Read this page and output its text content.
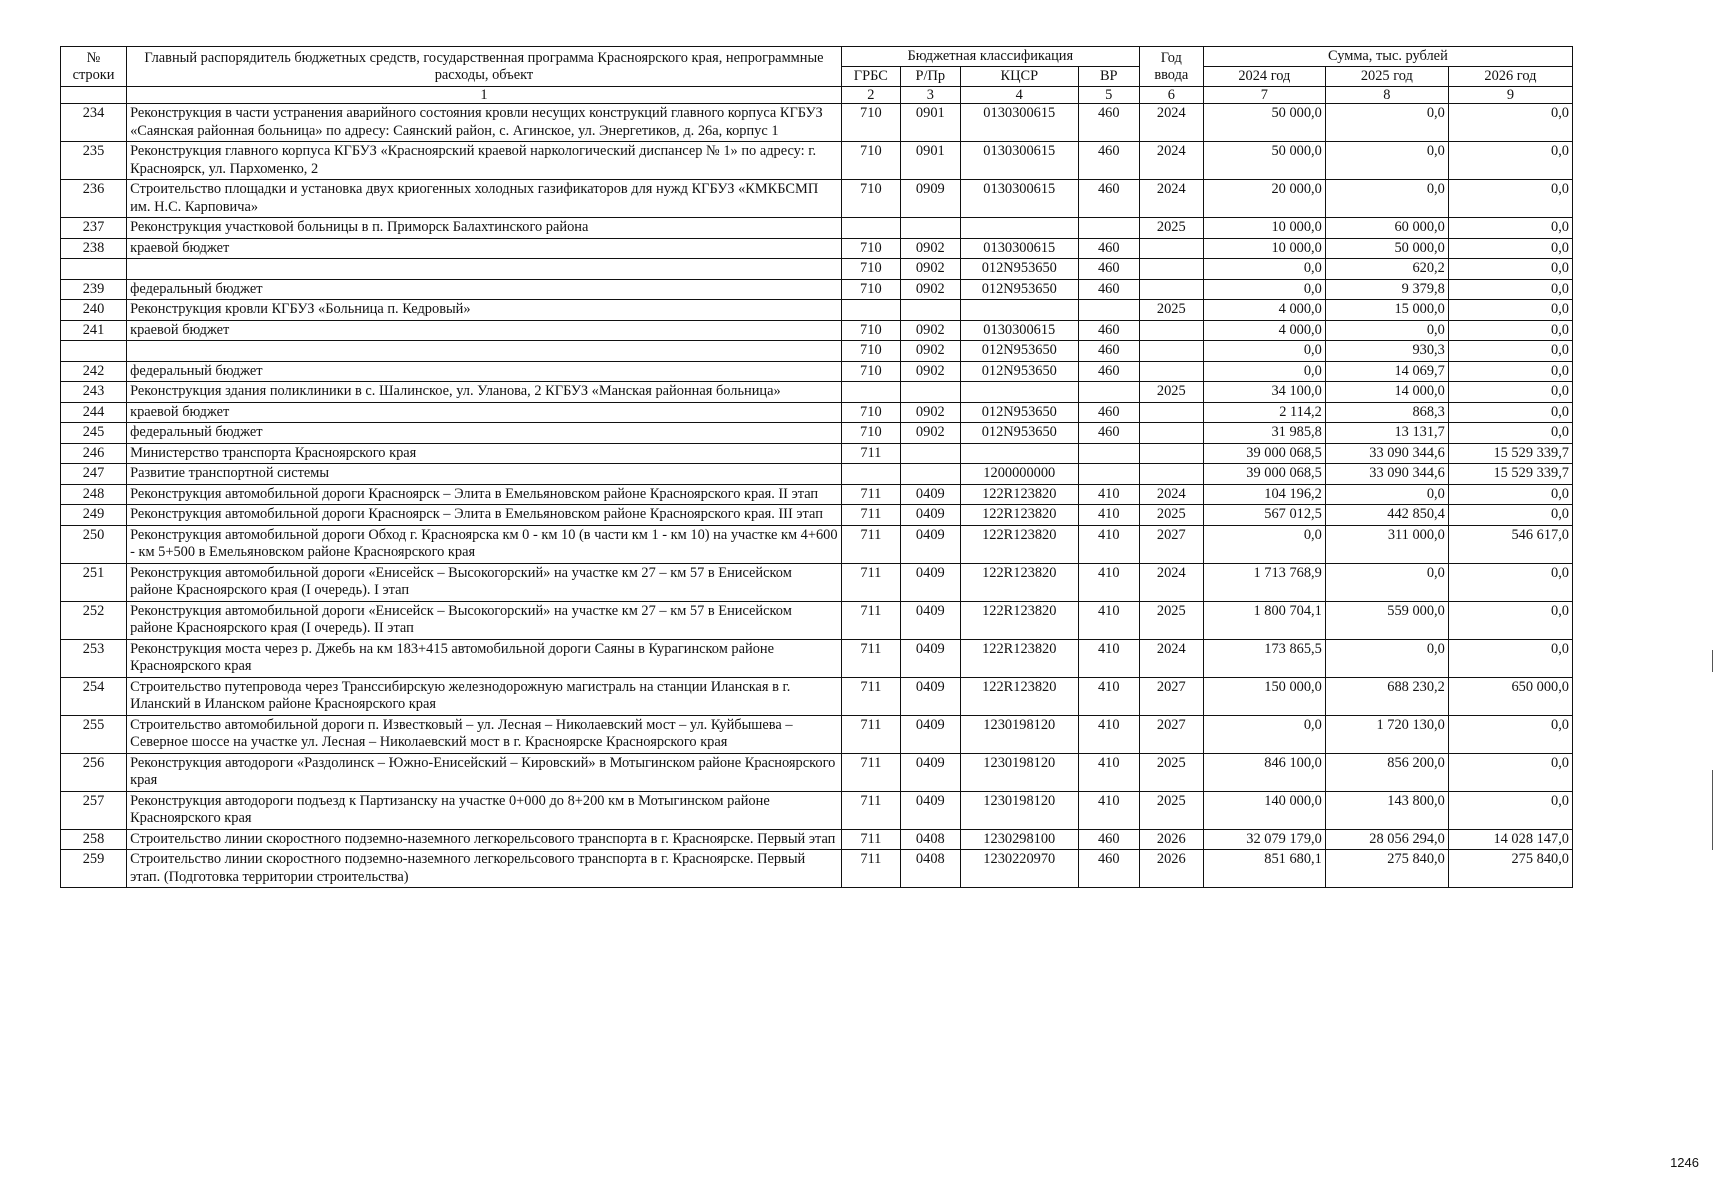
№ строки	Главный распорядитель бюджетных средств, государственная программа Красноярского края, непрограммные расходы, объект	Бюджетная классификация				Год ввода	Сумма, тыс. рублей		
		ГРБС	Р/Пр	КЦСР	ВР		2024 год	2025 год	2026 год
	1	2	3	4	5	6	7	8	9
234	Реконструкция в части устранения аварийного состояния кровли несущих конструкций главного корпуса КГБУЗ «Саянская районная больница» по адресу: Саянский район, с. Агинское, ул. Энергетиков, д. 26а, корпус 1	710	0901	0130300615	460	2024	50 000,0	0,0	0,0
235	Реконструкция главного корпуса КГБУЗ «Красноярский краевой наркологический диспансер № 1» по адресу: г. Красноярск, ул. Пархоменко, 2	710	0901	0130300615	460	2024	50 000,0	0,0	0,0
236	Строительство площадки и установка двух криогенных холодных газификаторов для нужд КГБУЗ «КМКБСМП им. Н.С. Карповича»	710	0909	0130300615	460	2024	20 000,0	0,0	0,0
237	Реконструкция участковой больницы в п. Приморск Балахтинского района					2025	10 000,0	60 000,0	0,0
238	краевой бюджет	710	0902	0130300615	460		10 000,0	50 000,0	0,0
		710	0902	012N953650	460		0,0	620,2	0,0
239	федеральный бюджет	710	0902	012N953650	460		0,0	9 379,8	0,0
240	Реконструкция кровли КГБУЗ «Больница п. Кедровый»					2025	4 000,0	15 000,0	0,0
241	краевой бюджет	710	0902	0130300615	460		4 000,0	0,0	0,0
		710	0902	012N953650	460		0,0	930,3	0,0
242	федеральный бюджет	710	0902	012N953650	460		0,0	14 069,7	0,0
243	Реконструкция здания поликлиники в с. Шалинское, ул. Уланова, 2 КГБУЗ «Манская районная больница»					2025	34 100,0	14 000,0	0,0
244	краевой бюджет	710	0902	012N953650	460		2 114,2	868,3	0,0
245	федеральный бюджет	710	0902	012N953650	460		31 985,8	13 131,7	0,0
246	Министерство транспорта Красноярского края	711					39 000 068,5	33 090 344,6	15 529 339,7
247	Развитие транспортной системы			1200000000			39 000 068,5	33 090 344,6	15 529 339,7
248	Реконструкция автомобильной дороги Красноярск – Элита в Емельяновском районе Красноярского края. II этап	711	0409	122R123820	410	2024	104 196,2	0,0	0,0
249	Реконструкция автомобильной дороги Красноярск – Элита в Емельяновском районе Красноярского края. III этап	711	0409	122R123820	410	2025	567 012,5	442 850,4	0,0
250	Реконструкция автомобильной дороги Обход г. Красноярска км 0 - км 10 (в части км 1 - км 10) на участке км 4+600 - км 5+500 в Емельяновском районе Красноярского края	711	0409	122R123820	410	2027	0,0	311 000,0	546 617,0
251	Реконструкция автомобильной дороги «Енисейск – Высокогорский» на участке км 27 – км 57 в Енисейском районе Красноярского края (I очередь). I этап	711	0409	122R123820	410	2024	1 713 768,9	0,0	0,0
252	Реконструкция автомобильной дороги «Енисейск – Высокогорский» на участке км 27 – км 57 в Енисейском районе Красноярского края (I очередь). II этап	711	0409	122R123820	410	2025	1 800 704,1	559 000,0	0,0
253	Реконструкция моста через р. Джебь на км 183+415 автомобильной дороги Саяны в Курагинском районе Красноярского края	711	0409	122R123820	410	2024	173 865,5	0,0	0,0
254	Строительство путепровода через Транссибирскую железнодорожную магистраль на станции Иланская в г. Иланский в Иланском районе Красноярского края	711	0409	122R123820	410	2027	150 000,0	688 230,2	650 000,0
255	Строительство автомобильной дороги п. Известковый – ул. Лесная – Николаевский мост – ул. Куйбышева – Северное шоссе на участке ул. Лесная – Николаевский мост в г. Красноярске Красноярского края	711	0409	1230198120	410	2027	0,0	1 720 130,0	0,0
256	Реконструкция автодороги «Раздолинск – Южно-Енисейский – Кировский» в Мотыгинском районе Красноярского края	711	0409	1230198120	410	2025	846 100,0	856 200,0	0,0
257	Реконструкция автодороги подъезд к Партизанску на участке 0+000 до 8+200 км в Мотыгинском районе Красноярского края	711	0409	1230198120	410	2025	140 000,0	143 800,0	0,0
258	Строительство линии скоростного подземно-наземного легкорельсового транспорта в г. Красноярске. Первый этап	711	0408	1230298100	460	2026	32 079 179,0	28 056 294,0	14 028 147,0
259	Строительство линии скоростного подземно-наземного легкорельсового транспорта в г. Красноярске. Первый этап. (Подготовка территории строительства)	711	0408	1230220970	460	2026	851 680,1	275 840,0	275 840,0
1246
